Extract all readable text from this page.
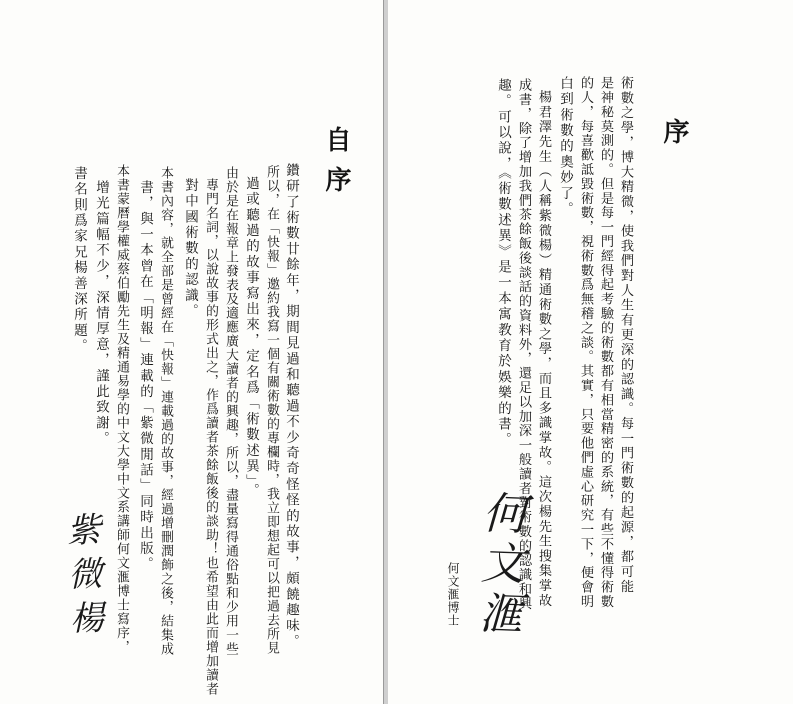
自序
鑽研了術數廿餘年，期間見過和聽過不少奇奇怪怪的故事，頗饒趣味。
所以，在「快報」邀約我寫一個有關術數的專欄時，我立即想起可以把過去所見
過或聽過的故事寫出來，定名爲「術數述異」。
由於是在報章上發表及適應廣大讀者的興趣，所以，盡量寫得通俗點和少用一些
專門名詞，以說故事的形式出之，作爲讀者茶餘飯後的談助！也希望由此而增加讀者
對中國術數的認識。
本書內容，就全部是曾經在「快報」連載過的故事，經過增刪潤飾之後，結集成
書，與一本曾在「明報」連載的「紫微閒話」同時出版。
本書蒙曆學權威蔡伯勵先生及精通易學的中文大學中文系講師何文滙博士寫序，
增光篇幅不少，深情厚意，謹此致謝。
書名則爲家兄楊善深所題。
紫微楊
序
術數之學，博大精微，使我們對人生有更深的認識。每一門術數的起源，都可能
是神秘莫測的。但是每一門經得起考驗的術數都有相當精密的系統，有些不懂得術數
的人，每喜歡詆毀術數，視術數爲無稽之談。其實，只要他們虛心研究一下，便會明
白到術數的奧妙了。
楊君澤先生（人稱紫微楊）精通術數之學，而且多識掌故。這次楊先生搜集掌故
成書，除了增加我們茶餘飯後談話的資料外，還足以加深一般讀者對術數的認識和興
趣。可以說，《術數述異》是一本寓教育於娛樂的書。
何文滙
何文滙博士
